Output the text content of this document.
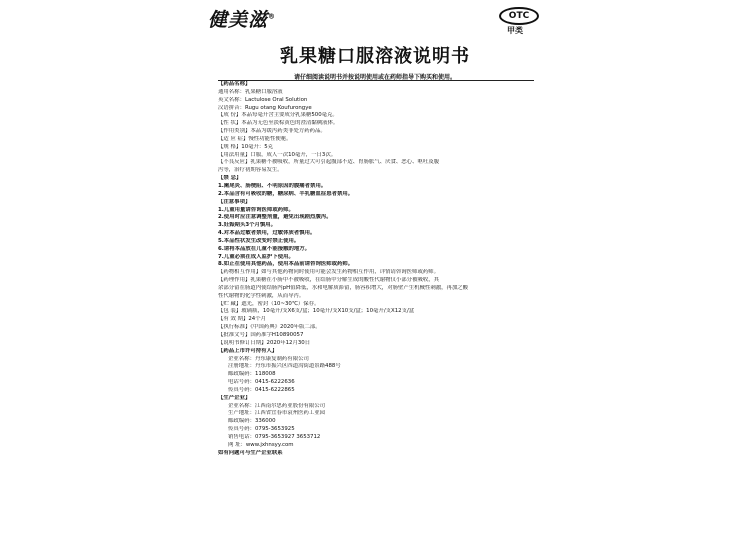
健美滋®	OTC
甲类
乳果糖口服溶液说明书
请仔细阅读说明书并按说明使用或在药师指导下购买和使用。
【药品名称】
通用名称：乳果糖口服溶液
英文名称：Lactulose Oral Solution
汉语拼音：Rugu otang Koufurongye
【成 份】本品每毫升含主要成分乳果糖500毫克。
【性 状】本品为无色至淡棕黄色的澄清黏稠液体。
【作用类别】本品为缓泻药类非处方药药品。
【适 应 症】慢性功能性便秘。
【规 格】10毫升：5克
【用法用量】口服，成人一次10毫升，一日3次。
【不良反应】乳果糖不被吸收，所量过大可引起腹部不适、胃肠胀气、厌食、恶心、呕吐及腹
泻等，治疗初期容易发生。
【禁 忌】
1.阑尾炎、肠梗阻、不明原因的腹痛者禁用。
2.本品含有可吸收的糖，糖尿病、半乳糖血症患者禁用。
【注意事项】
1.儿童用量请咨询医师或药师。
2.使用时应注意调整剂量，避免出现剧烈腹泻。
3.妊娠期头3个月慎用。
4.对本品过敏者禁用，过敏体质者慎用。
5.本品性状发生改变时禁止使用。
6.请将本品放在儿童不能接触的地方。
7.儿童必须在成人监护下使用。
8.如正在使用其他药品，使用本品前请咨询医师或药师。
【药物相互作用】如与其他药物同时使用可能会发生药物相互作用，详情请咨询医师或药师。
【药理作用】乳果糖在小肠中不被吸收，在结肠中分解生成的酸性代谢物仅小部分被吸收，其
余部分留在肠道内使结肠内pH值降低，水和电解质滞留，肠容积增大，对肠壁产生机械性刺激，再加之酸
性代谢物的化学性刺激，从而导泻。
【贮 藏】遮光，密封（10~30℃）保存。
【包 装】玻璃瓶，10毫升/支X6支/盒；10毫升/支X10支/盒；10毫升/支X12支/盒
【有 效 期】24个月
【执行标准】《中国药典》2020年版二部。
【批准文号】国药准字H10890057
【说明书修订日期】2020年12月30日
【药品上市许可持有人】
企业名称：丹东康复制药有限公司
注册地址：丹东市振兴区四道沟街道景路488号
邮政编码：118008
电话号码：0415-6222636
传真号码：0415-6222865
【生产企业】
企业名称：江西南尔思药业股份有限公司
生产地址：江西省宜春市袁州医药工业园
邮政编码：336000
传真号码：0795-3653925
销售电话：0795-3653927 3653712
网 址：www.jxhnsyy.com
如有问题可与生产企业联系
